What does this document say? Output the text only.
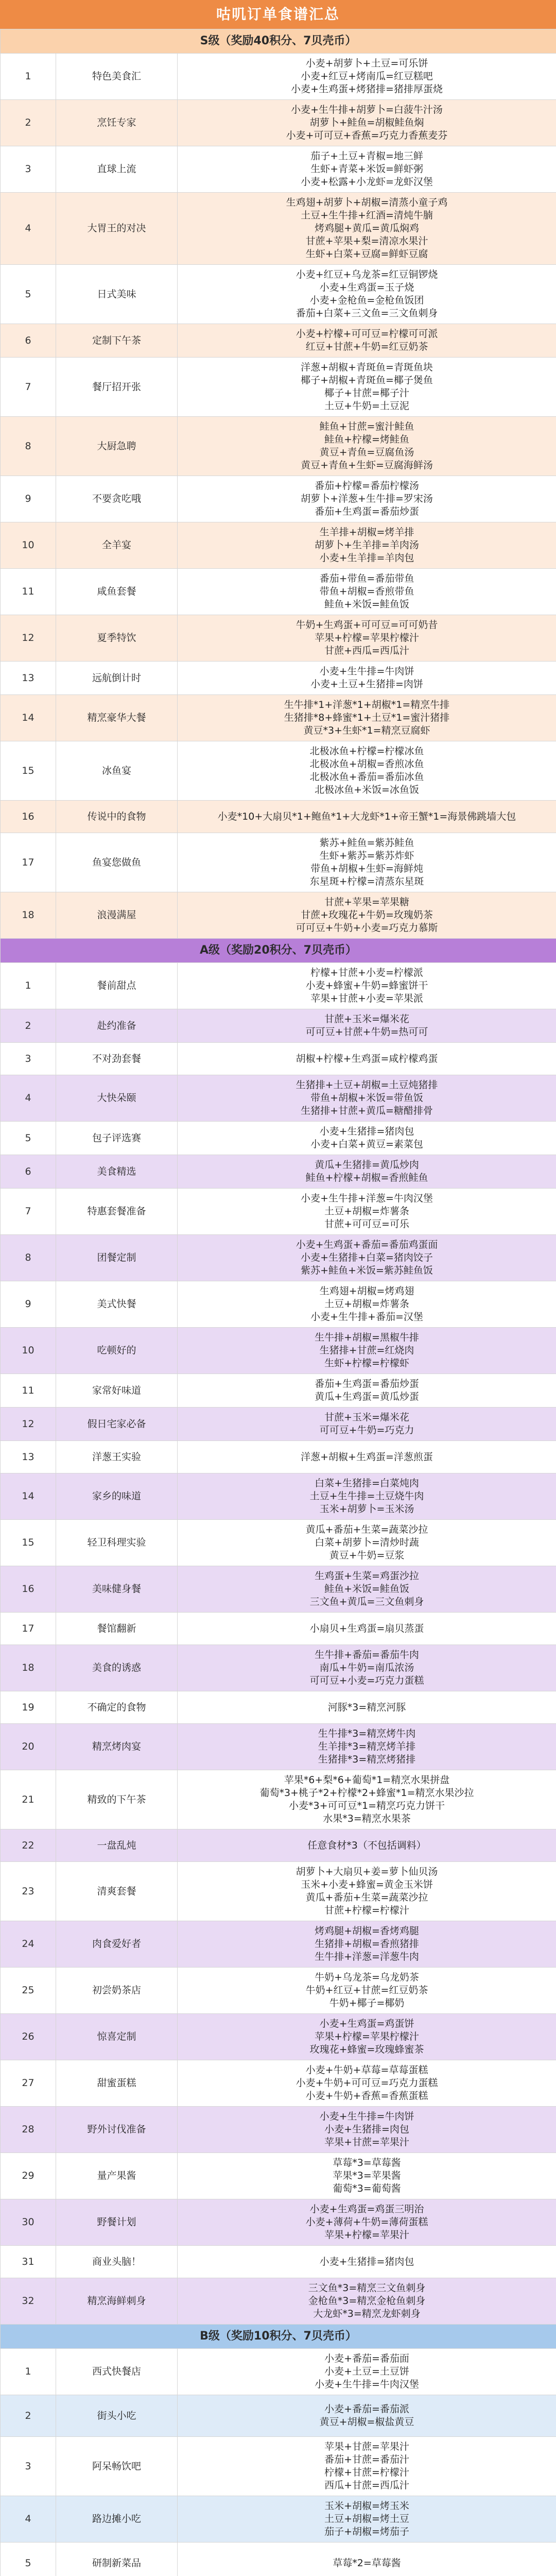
咕叽订单食谱汇总
S级（奖励40积分、7贝壳币）		
1	特色美食汇	小麦+胡萝卜+土豆=可乐饼
小麦+红豆+烤南瓜=红豆糕吧
小麦+生鸡蛋+烤猪排=猪排厚蛋烧

2	烹饪专家	小麦+生牛排+胡萝卜=白菠牛汁汤
胡萝卜+鲑鱼=胡椒鲑鱼焖
小麦+可可豆+香蕉=巧克力香蕉麦芬

3	直球上流	茄子+土豆+青椒=地三鲜
生虾+青菜+米饭=鲜虾粥
小麦+松露+小龙虾=龙虾汉堡

4	大胃王的对决	生鸡翅+胡萝卜+胡椒=清蒸小童子鸡
土豆+生牛排+红酒=清炖牛腩
烤鸡腿+黄瓜=黄瓜焖鸡
甘蔗+苹果+梨=清凉水果汁
生虾+白菜+豆腐=鲜虾豆腐

5	日式美味	小麦+红豆+乌龙茶=红豆铜锣烧
小麦+生鸡蛋=玉子烧
小麦+金枪鱼=金枪鱼饭团
番茄+白菜+三文鱼=三文鱼刺身

6	定制下午茶	小麦+柠檬+可可豆=柠檬可可派
红豆+甘蔗+牛奶=红豆奶茶

7	餐厅招开张	洋葱+胡椒+青斑鱼=青斑鱼块
椰子+胡椒+青斑鱼=椰子煲鱼
椰子+甘蔗=椰子汁
土豆+牛奶=土豆泥

8	大厨急聘	鲑鱼+甘蔗=蜜汁鲑鱼
鲑鱼+柠檬=烤鲑鱼
黄豆+青鱼=豆腐鱼汤
黄豆+青鱼+生虾=豆腐海鲜汤

9	不要贪吃哦	番茄+柠檬=番茄柠檬汤
胡萝卜+洋葱+生牛排=罗宋汤
番茄+生鸡蛋=番茄炒蛋

10	全羊宴	生羊排+胡椒=烤羊排
胡萝卜+生羊排=羊肉汤
小麦+生羊排=羊肉包

11	咸鱼套餐	番茄+带鱼=番茄带鱼
带鱼+胡椒=香煎带鱼
鲑鱼+米饭=鲑鱼饭

12	夏季特饮	牛奶+生鸡蛋+可可豆=可可奶昔
苹果+柠檬=苹果柠檬汁
甘蔗+西瓜=西瓜汁

13	远航倒计时	小麦+生牛排=牛肉饼
小麦+土豆+生猪排=肉饼

14	精烹豪华大餐	生牛排*1+洋葱*1+胡椒*1=精烹牛排
生猪排*8+蜂蜜*1+土豆*1=蜜汁猪排
黄豆*3+生虾*1=精烹豆腐虾

15	冰鱼宴	北极冰鱼+柠檬=柠檬冰鱼
北极冰鱼+胡椒=香煎冰鱼
北极冰鱼+番茄=番茄冰鱼
北极冰鱼+米饭=冰鱼饭

16	传说中的食物	小麦*10+大扇贝*1+鲍鱼*1+大龙虾*1+帝王蟹*1=海景佛跳墙大包

17	鱼宴您做鱼	紫苏+鲑鱼=紫苏鲑鱼
生虾+紫苏=紫苏炸虾
带鱼+胡椒+生虾=海鲜炖
东星斑+柠檬=清蒸东星斑

18	浪漫满屋	甘蔗+苹果=苹果糖
甘蔗+玫瑰花+牛奶=玫瑰奶茶
可可豆+牛奶+小麦=巧克力慕斯

A级（奖励20积分、7贝壳币）		
1	餐前甜点	柠檬+甘蔗+小麦=柠檬派
小麦+蜂蜜+牛奶=蜂蜜饼干
苹果+甘蔗+小麦=苹果派

2	赴约准备	甘蔗+玉米=爆米花
可可豆+甘蔗+牛奶=热可可

3	不对劲套餐	胡椒+柠檬+生鸡蛋=咸柠檬鸡蛋

4	大快朵颐	生猪排+土豆+胡椒=土豆炖猪排
带鱼+胡椒+米饭=带鱼饭
生猪排+甘蔗+黄瓜=糖醋排骨

5	包子评选赛	小麦+生猪排=猪肉包
小麦+白菜+黄豆=素菜包

6	美食精选	黄瓜+生猪排=黄瓜炒肉
鲑鱼+柠檬+胡椒=香煎鲑鱼

7	特惠套餐准备	小麦+生牛排+洋葱=牛肉汉堡
土豆+胡椒=炸薯条
甘蔗+可可豆=可乐

8	团餐定制	小麦+生鸡蛋+番茄=番茄鸡蛋面
小麦+生猪排+白菜=猪肉饺子
紫苏+鲑鱼+米饭=紫苏鲑鱼饭

9	美式快餐	生鸡翅+胡椒=烤鸡翅
土豆+胡椒=炸薯条
小麦+生牛排+番茄=汉堡

10	吃顿好的	生牛排+胡椒=黑椒牛排
生猪排+甘蔗=红烧肉
生虾+柠檬=柠檬虾

11	家常好味道	番茄+生鸡蛋=番茄炒蛋
黄瓜+生鸡蛋=黄瓜炒蛋

12	假日宅家必备	甘蔗+玉米=爆米花
可可豆+牛奶=巧克力

13	洋葱王实验	洋葱+胡椒+生鸡蛋=洋葱煎蛋

14	家乡的味道	白菜+生猪排=白菜炖肉
土豆+生牛排=土豆烧牛肉
玉米+胡萝卜=玉米汤

15	轻卫科理实验	黄瓜+番茄+生菜=蔬菜沙拉
白菜+胡萝卜=清炒时蔬
黄豆+牛奶=豆浆

16	美味健身餐	生鸡蛋+生菜=鸡蛋沙拉
鲑鱼+米饭=鲑鱼饭
三文鱼+黄瓜=三文鱼刺身

17	餐馆翻新	小扇贝+生鸡蛋=扇贝蒸蛋

18	美食的诱惑	生牛排+番茄=番茄牛肉
南瓜+牛奶=南瓜浓汤
可可豆+小麦=巧克力蛋糕

19	不确定的食物	河豚*3=精烹河豚

20	精烹烤肉宴	生牛排*3=精烹烤牛肉
生羊排*3=精烹烤羊排
生猪排*3=精烹烤猪排

21	精致的下午茶	苹果*6+梨*6+葡萄*1=精烹水果拼盘
葡萄*3+桃子*2+柠檬*2+蜂蜜*1=精烹水果沙拉
小麦*3+可可豆*1=精烹巧克力饼干
水果*3=精烹水果茶

22	一盘乱炖	任意食材*3（不包括调料）

23	清爽套餐	胡萝卜+大扇贝+姜=萝卜仙贝汤
玉米+小麦+蜂蜜=黄金玉米饼
黄瓜+番茄+生菜=蔬菜沙拉
甘蔗+柠檬=柠檬汁

24	肉食爱好者	烤鸡腿+胡椒=香烤鸡腿
生猪排+胡椒=香煎猪排
生牛排+洋葱=洋葱牛肉

25	初尝奶茶店	牛奶+乌龙茶=乌龙奶茶
牛奶+红豆+甘蔗=红豆奶茶
牛奶+椰子=椰奶

26	惊喜定制	小麦+生鸡蛋=鸡蛋饼
苹果+柠檬=苹果柠檬汁
玫瑰花+蜂蜜=玫瑰蜂蜜茶

27	甜蜜蛋糕	小麦+牛奶+草莓=草莓蛋糕
小麦+牛奶+可可豆=巧克力蛋糕
小麦+牛奶+香蕉=香蕉蛋糕

28	野外讨伐准备	小麦+生牛排=牛肉饼
小麦+生猪排=肉包
苹果+甘蔗=苹果汁

29	量产果酱	草莓*3=草莓酱
苹果*3=苹果酱
葡萄*3=葡萄酱

30	野餐计划	小麦+生鸡蛋=鸡蛋三明治
小麦+薄荷+牛奶=薄荷蛋糕
苹果+柠檬=苹果汁

31	商业头脑！	小麦+生猪排=猪肉包

32	精烹海鲜刺身	三文鱼*3=精烹三文鱼刺身
金枪鱼*3=精烹金枪鱼刺身
大龙虾*3=精烹龙虾刺身

B级（奖励10积分、7贝壳币）		
1	西式快餐店	小麦+番茄=番茄面
小麦+土豆=土豆饼
小麦+生牛排=牛肉汉堡

2	街头小吃	小麦+番茄=番茄派
黄豆+胡椒=椒盐黄豆

3	阿呆畅饮吧	苹果+甘蔗=苹果汁
番茄+甘蔗=番茄汁
柠檬+甘蔗=柠檬汁
西瓜+甘蔗=西瓜汁

4	路边摊小吃	玉米+胡椒=烤玉米
土豆+胡椒=烤土豆
茄子+胡椒=烤茄子

5	研制新菜品	草莓*2=草莓酱
